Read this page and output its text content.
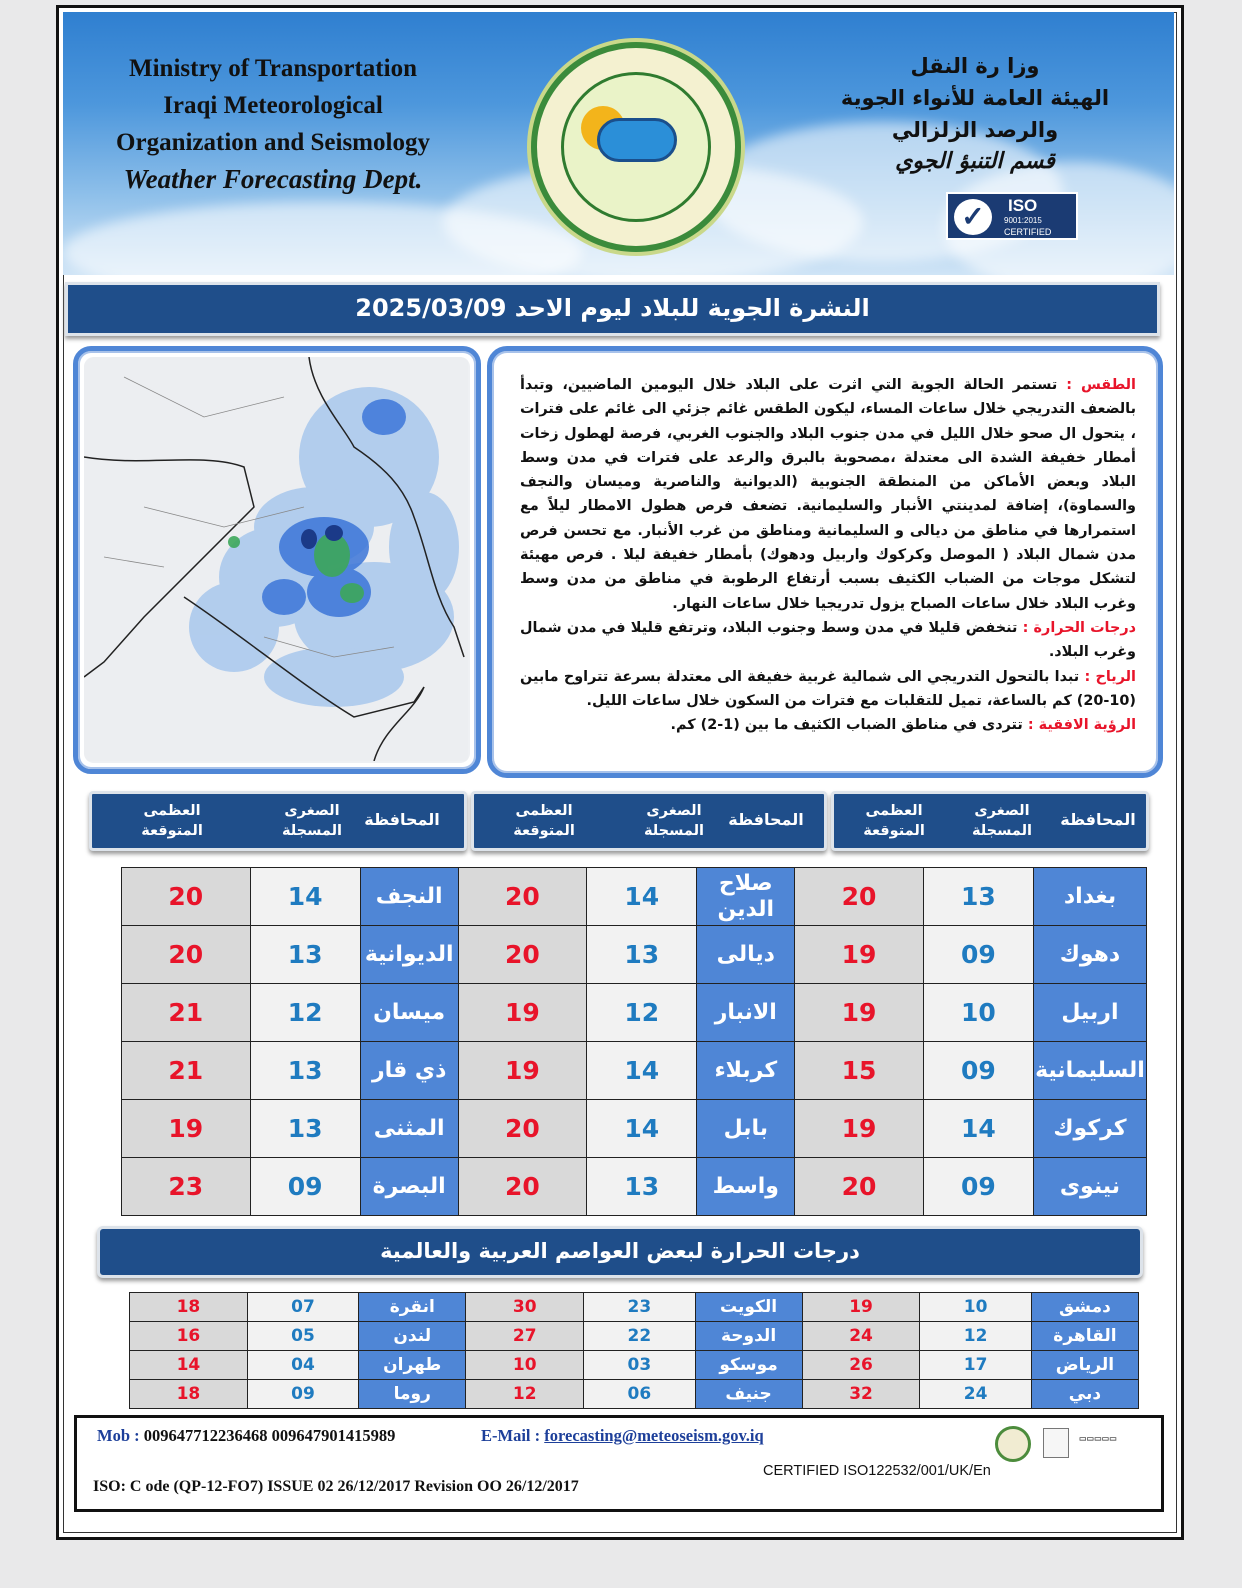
Ministry of Transportation
Iraqi Meteorological
Organization and Seismology
Weather Forecasting Dept.
وزا رة النقل
الهيئة العامة للأنواء الجوية
والرصد الزلزالي
قسم التنبؤ الجوي
✓	ISO
9001:2015
CERTIFIED
النشرة الجوية للبلاد ليوم الاحد 2025/03/09
الطقس : تستمر الحالة الجوية التي اثرت على البلاد خلال اليومين الماضيين، وتبدأ بالضعف التدريجي خلال ساعات المساء، ليكون الطقس غائم جزئي الى غائم على فترات ، يتحول ال صحو خلال الليل في مدن جنوب البلاد والجنوب الغربي، فرصة لهطول زخات أمطار خفيفة الشدة الى معتدلة ،مصحوبة بالبرق والرعد على فترات في مدن وسط البلاد وبعض الأماكن من المنطقة الجنوبية (الديوانية والناصرية وميسان والنجف والسماوة)، إضافة لمدينتي الأنبار والسليمانية. تضعف فرص هطول الامطار ليلاً مع استمرارها في مناطق من ديالى و السليمانية ومناطق من غرب الأنبار. مع تحسن فرص مدن شمال البلاد ( الموصل وكركوك واربيل ودهوك) بأمطار خفيفة ليلا . فرص مهيئة لتشكل موجات من الضباب الكثيف بسبب أرتفاع الرطوبة في مناطق من مدن وسط وغرب البلاد خلال ساعات الصباح يزول تدريجيا خلال ساعات النهار.
درجات الحرارة : تنخفض قليلا في مدن وسط وجنوب البلاد، وترتفع قليلا في مدن شمال وغرب البلاد.
الرياح : تبدا بالتحول التدريجي الى شمالية غربية خفيفة الى معتدلة بسرعة تتراوح مابين (10-20) كم بالساعة، تميل للتقلبات مع فترات من السكون خلال ساعات الليل.
الرؤية الافقية : تتردى في مناطق الضباب الكثيف ما بين (1-2) كم.
المحافظة
الصغرى
المسجلة
العظمى
المتوقعة
المحافظة
الصغرى
المسجلة
العظمى
المتوقعة
المحافظة
الصغرى
المسجلة
العظمى
المتوقعة
20	14	النجف	20	14	صلاح الدين	20	13	بغداد
20	13	الديوانية	20	13	ديالى	19	09	دهوك
21	12	ميسان	19	12	الانبار	19	10	اربيل
21	13	ذي قار	19	14	كربلاء	15	09	السليمانية
19	13	المثنى	20	14	بابل	19	14	كركوك
23	09	البصرة	20	13	واسط	20	09	نينوى
درجات الحرارة لبعض العواصم العربية والعالمية
18	07	انقرة	30	23	الكويت	19	10	دمشق
16	05	لندن	27	22	الدوحة	24	12	القاهرة
14	04	طهران	10	03	موسكو	26	17	الرياض
18	09	روما	12	06	جنيف	32	24	دبي
Mob : 009647712236468 009647901415989	E-Mail : forecasting@meteoseism.gov.iq
ISO: C ode (QP-12-FO7) ISSUE 02 26/12/2017 Revision OO 26/12/2017
CERTIFIED ISO122532/001/UK/En
▭▭▭▭▭
